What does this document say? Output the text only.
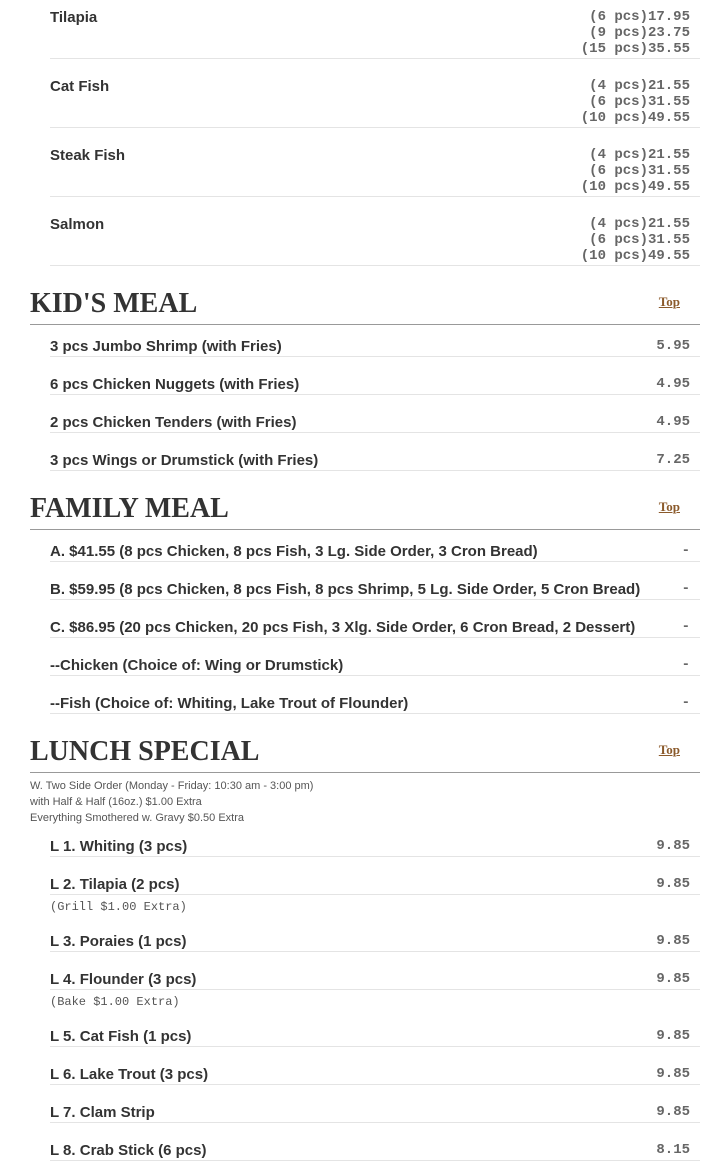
Tilapia	(6 pcs)17.95
(9 pcs)23.75
(15 pcs)35.55
Cat Fish	(4 pcs)21.55
(6 pcs)31.55
(10 pcs)49.55
Steak Fish	(4 pcs)21.55
(6 pcs)31.55
(10 pcs)49.55
Salmon	(4 pcs)21.55
(6 pcs)31.55
(10 pcs)49.55
KID'S MEAL	Top
3 pcs Jumbo Shrimp (with Fries)	5.95
6 pcs Chicken Nuggets (with Fries)	4.95
2 pcs Chicken Tenders (with Fries)	4.95
3 pcs Wings or Drumstick (with Fries)	7.25
FAMILY MEAL	Top
A. $41.55 (8 pcs Chicken, 8 pcs Fish, 3 Lg. Side Order, 3 Cron Bread)	-
B. $59.95 (8 pcs Chicken, 8 pcs Fish, 8 pcs Shrimp, 5 Lg. Side Order, 5 Cron Bread)	-
C. $86.95 (20 pcs Chicken, 20 pcs Fish, 3 Xlg. Side Order, 6 Cron Bread, 2 Dessert)	-
--Chicken (Choice of: Wing or Drumstick)	-
--Fish (Choice of: Whiting, Lake Trout of Flounder)	-
LUNCH SPECIAL	Top
W. Two Side Order (Monday - Friday: 10:30 am - 3:00 pm)
with Half & Half (16oz.) $1.00 Extra
Everything Smothered w. Gravy $0.50 Extra
L 1. Whiting (3 pcs)	9.85
L 2. Tilapia (2 pcs)	9.85
(Grill $1.00 Extra)
L 3. Poraies (1 pcs)	9.85
L 4. Flounder (3 pcs)	9.85
(Bake $1.00 Extra)
L 5. Cat Fish (1 pcs)	9.85
L 6. Lake Trout (3 pcs)	9.85
L 7. Clam Strip	9.85
L 8. Crab Stick (6 pcs)	8.15
